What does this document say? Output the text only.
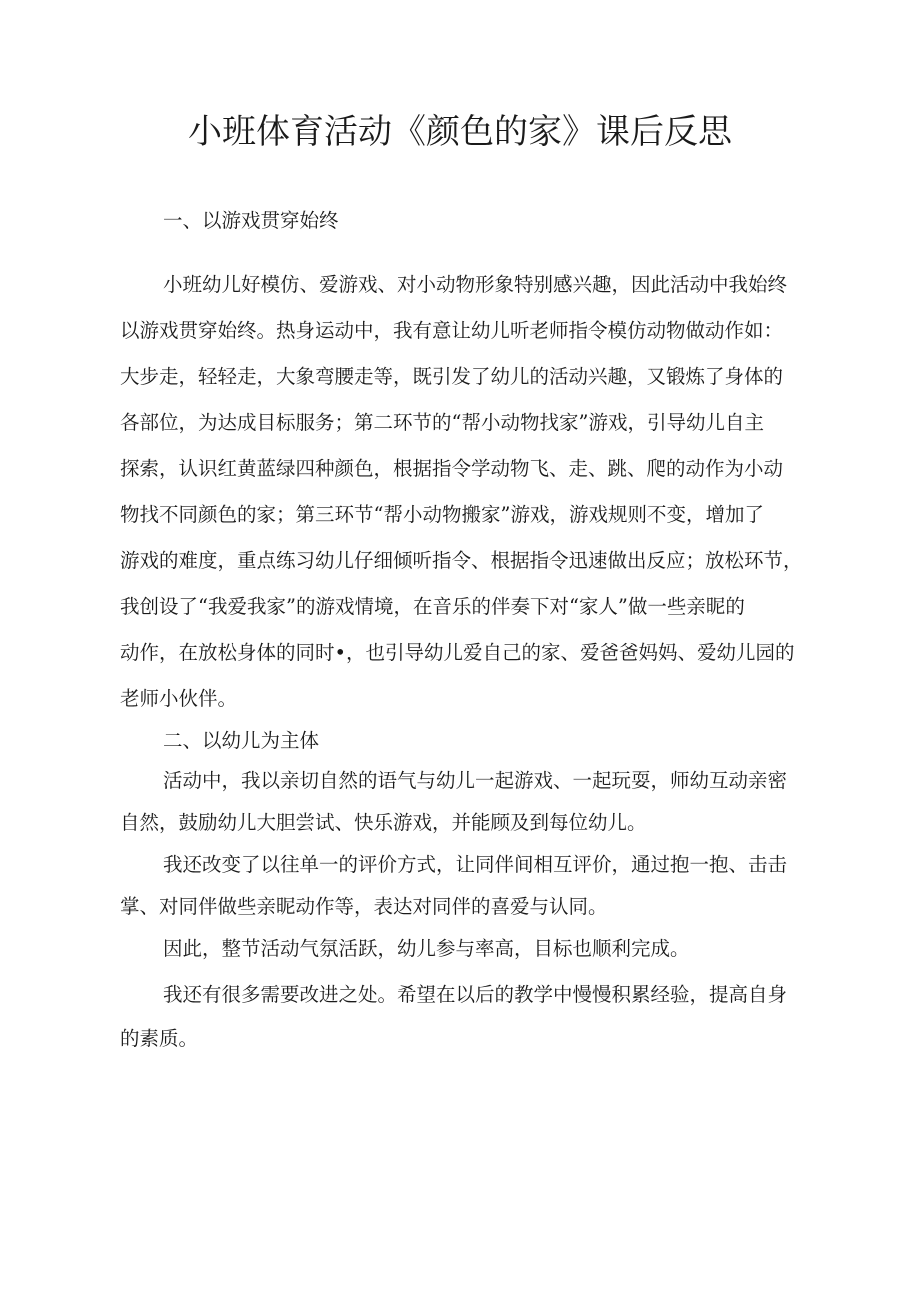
小班体育活动《颜色的家》课后反思

一、以游戏贯穿始终

小班幼儿好模仿、爱游戏、对小动物形象特别感兴趣，因此活动中我始终

以游戏贯穿始终。热身运动中，我有意让幼儿听老师指令模仿动物做动作如：

大步走，轻轻走，大象弯腰走等，既引发了幼儿的活动兴趣，又锻炼了身体的

各部位，为达成目标服务；第二环节的“帮小动物找家”游戏，引导幼儿自主

探索，认识红黄蓝绿四种颜色，根据指令学动物飞、走、跳、爬的动作为小动

物找不同颜色的家；第三环节“帮小动物搬家”游戏，游戏规则不变，增加了

游戏的难度，重点练习幼儿仔细倾听指令、根据指令迅速做出反应；放松环节，

我创设了“我爱我家”的游戏情境，在音乐的伴奏下对“家人”做一些亲昵的

动作，在放松身体的同时•，也引导幼儿爱自己的家、爱爸爸妈妈、爱幼儿园的

老师小伙伴。

二、以幼儿为主体

活动中，我以亲切自然的语气与幼儿一起游戏、一起玩耍，师幼互动亲密

自然，鼓励幼儿大胆尝试、快乐游戏，并能顾及到每位幼儿。

我还改变了以往单一的评价方式，让同伴间相互评价，通过抱一抱、击击

掌、对同伴做些亲昵动作等，表达对同伴的喜爱与认同。

因此，整节活动气氛活跃，幼儿参与率高，目标也顺利完成。

我还有很多需要改进之处。希望在以后的教学中慢慢积累经验，提高自身

的素质。
